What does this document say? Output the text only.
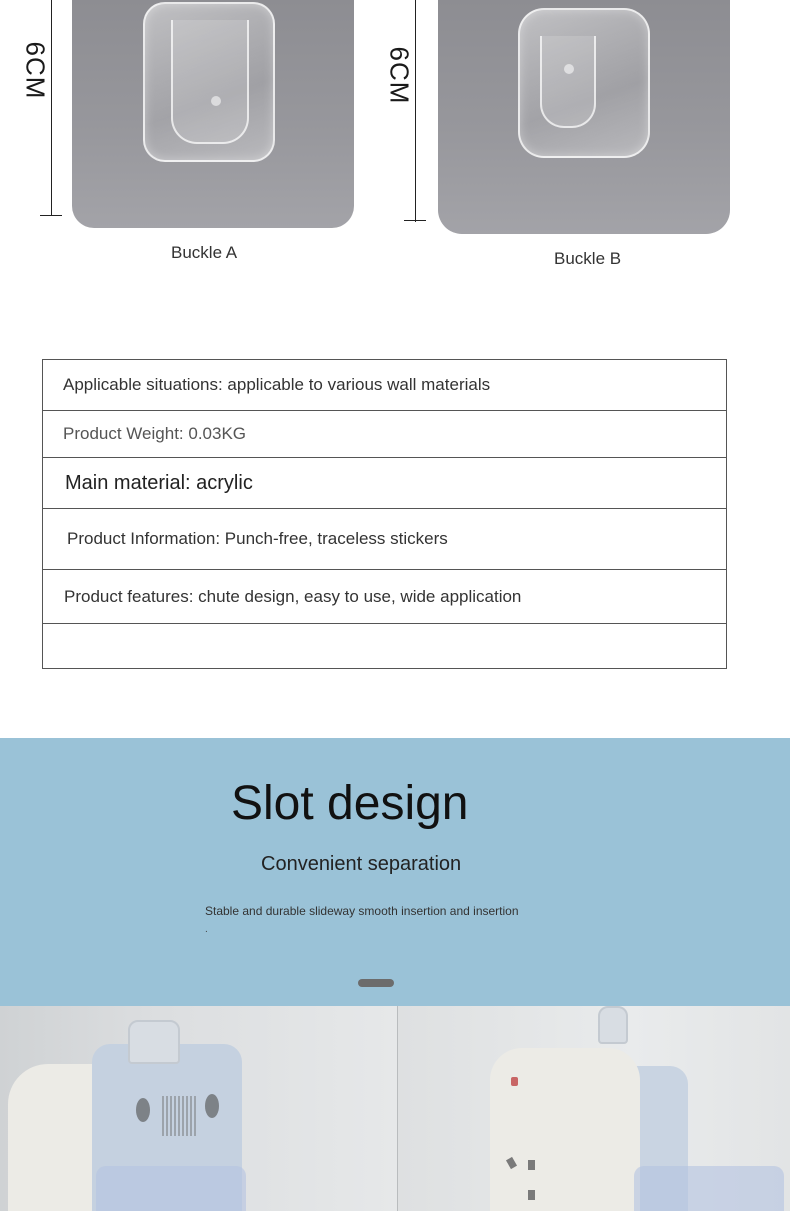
6CM
Buckle A
6CM
Buckle B
Applicable situations: applicable to various wall materials
Product Weight: 0.03KG
Main material: acrylic
Product Information: Punch-free, traceless stickers
Product features: chute design, easy to use, wide application
Slot design
Convenient separation
Stable and durable slideway smooth insertion and insertion
.
